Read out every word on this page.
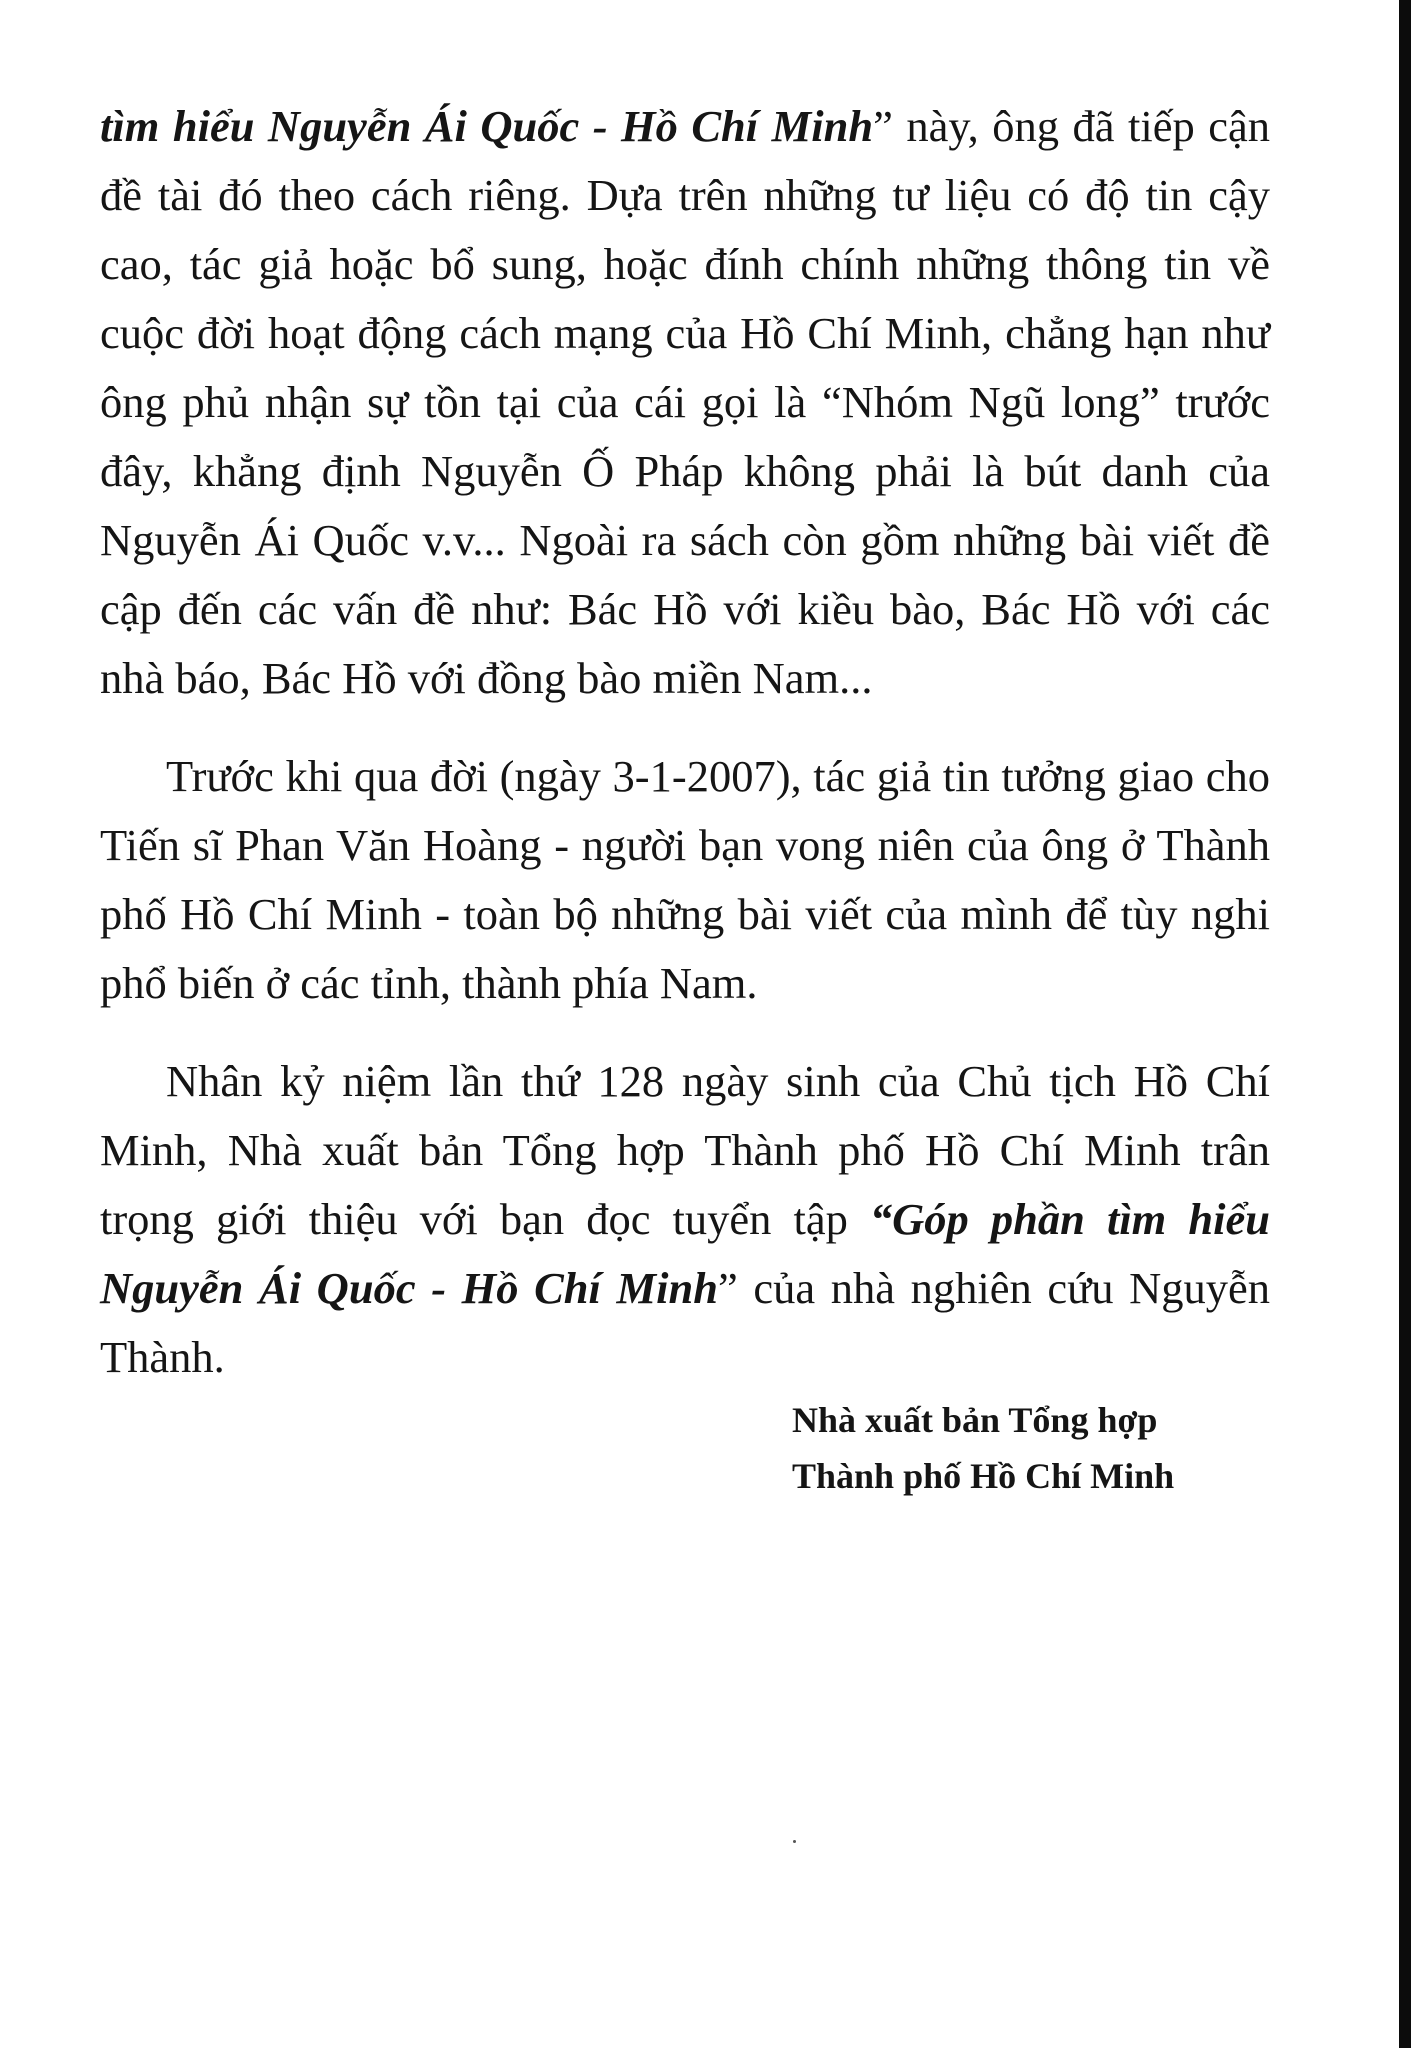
tìm hiểu Nguyễn Ái Quốc - Hồ Chí Minh” này, ông đã tiếp cận đề tài đó theo cách riêng. Dựa trên những tư liệu có độ tin cậy cao, tác giả hoặc bổ sung, hoặc đính chính những thông tin về cuộc đời hoạt động cách mạng của Hồ Chí Minh, chẳng hạn như ông phủ nhận sự tồn tại của cái gọi là “Nhóm Ngũ long” trước đây, khẳng định Nguyễn Ố Pháp không phải là bút danh của Nguyễn Ái Quốc v.v... Ngoài ra sách còn gồm những bài viết đề cập đến các vấn đề như: Bác Hồ với kiều bào, Bác Hồ với các nhà báo, Bác Hồ với đồng bào miền Nam...

Trước khi qua đời (ngày 3-1-2007), tác giả tin tưởng giao cho Tiến sĩ Phan Văn Hoàng - người bạn vong niên của ông ở Thành phố Hồ Chí Minh - toàn bộ những bài viết của mình để tùy nghi phổ biến ở các tỉnh, thành phía Nam.

Nhân kỷ niệm lần thứ 128 ngày sinh của Chủ tịch Hồ Chí Minh, Nhà xuất bản Tổng hợp Thành phố Hồ Chí Minh trân trọng giới thiệu với bạn đọc tuyển tập “Góp phần tìm hiểu Nguyễn Ái Quốc - Hồ Chí Minh” của nhà nghiên cứu Nguyễn Thành.

Nhà xuất bản Tổng hợp
Thành phố Hồ Chí Minh
